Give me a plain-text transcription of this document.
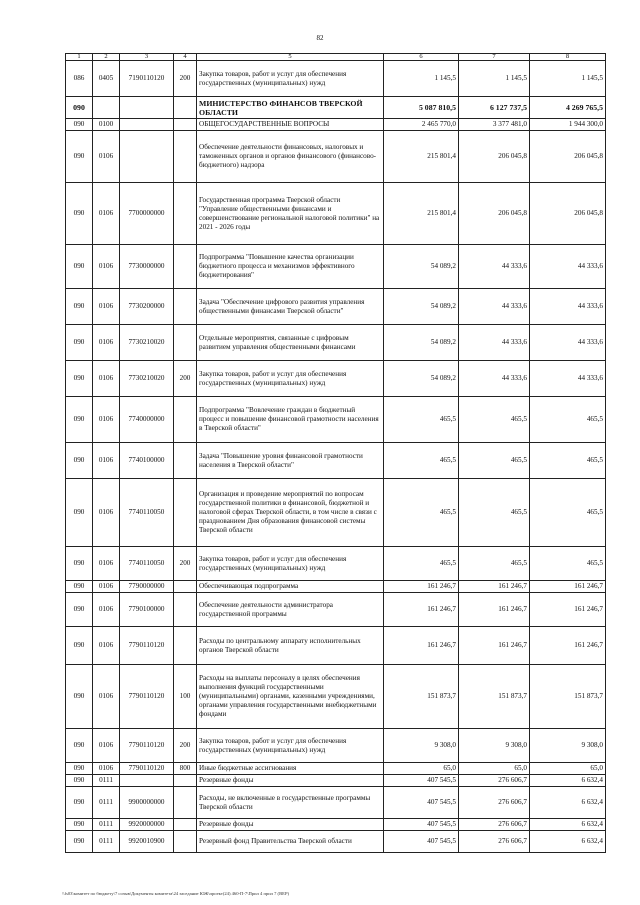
82
1	2	3	4	5	6	7	8
086	0405	7190110120	200	Закупка товаров, работ и услуг для обеспечения государственных (муниципальных) нужд	1 145,5	1 145,5	1 145,5
090				МИНИСТЕРСТВО ФИНАНСОВ ТВЕРСКОЙ ОБЛАСТИ	5 087 810,5	6 127 737,5	4 269 765,5
090	0100			ОБЩЕГОСУДАРСТВЕННЫЕ ВОПРОСЫ	2 465 770,0	3 377 481,0	1 944 300,0
090	0106			Обеспечение деятельности финансовых, налоговых и таможенных органов и органов финансового (финансово-бюджетного) надзора	215 801,4	206 045,8	206 045,8
090	0106	7700000000		Государственная программа Тверской области "Управление общественными финансами и совершенствование региональной налоговой политики" на 2021 - 2026 годы	215 801,4	206 045,8	206 045,8
090	0106	7730000000		Подпрограмма "Повышение качества организации бюджетного процесса и механизмов эффективного бюджетирования"	54 089,2	44 333,6	44 333,6
090	0106	7730200000		Задача "Обеспечение цифрового развития управления общественными финансами Тверской области"	54 089,2	44 333,6	44 333,6
090	0106	7730210020		Отдельные мероприятия, связанные с цифровым развитием управления общественными финансами	54 089,2	44 333,6	44 333,6
090	0106	7730210020	200	Закупка товаров, работ и услуг для обеспечения государственных (муниципальных) нужд	54 089,2	44 333,6	44 333,6
090	0106	7740000000		Подпрограмма "Вовлечение граждан в бюджетный процесс и повышение финансовой грамотности населения в Тверской области"	465,5	465,5	465,5
090	0106	7740100000		Задача "Повышение уровня финансовой грамотности населения в Тверской области"	465,5	465,5	465,5
090	0106	7740110050		Организация и проведение мероприятий по вопросам государственной политики в финансовой, бюджетной и налоговой сферах Тверской области, в том числе в связи с празднованием Дня образования финансовой системы Тверской области	465,5	465,5	465,5
090	0106	7740110050	200	Закупка товаров, работ и услуг для обеспечения государственных (муниципальных) нужд	465,5	465,5	465,5
090	0106	7790000000		Обеспечивающая подпрограмма	161 246,7	161 246,7	161 246,7
090	0106	7790100000		Обеспечение деятельности администратора государственной программы	161 246,7	161 246,7	161 246,7
090	0106	7790110120		Расходы по центральному аппарату исполнительных органов Тверской области	161 246,7	161 246,7	161 246,7
090	0106	7790110120	100	Расходы на выплаты персоналу в целях обеспечения выполнения функций государственными (муниципальными) органами, казенными учреждениями, органами управления государственными внебюджетными фондами	151 873,7	151 873,7	151 873,7
090	0106	7790110120	200	Закупка товаров, работ и услуг для обеспечения государственных (муниципальных) нужд	9 308,0	9 308,0	9 308,0
090	0106	7790110120	800	Иные бюджетные ассигнования	65,0	65,0	65,0
090	0111			Резервные фонды	407 545,5	276 606,7	6 632,4
090	0111	9900000000		Расходы, не включенные в государственные программы Тверской области	407 545,5	276 606,7	6 632,4
090	0111	9920000000		Резервные фонды	407 545,5	276 606,7	6 632,4
090	0111	9920010900		Резервный фонд Правительства Тверской области	407 545,5	276 606,7	6 632,4
\\fs03\комитет по бюджету\7 созыв\Документы комитета\24 заседание ЮЖ\проект(24) 460-П-7\Прил 4 прил 7 (ВЕР)
